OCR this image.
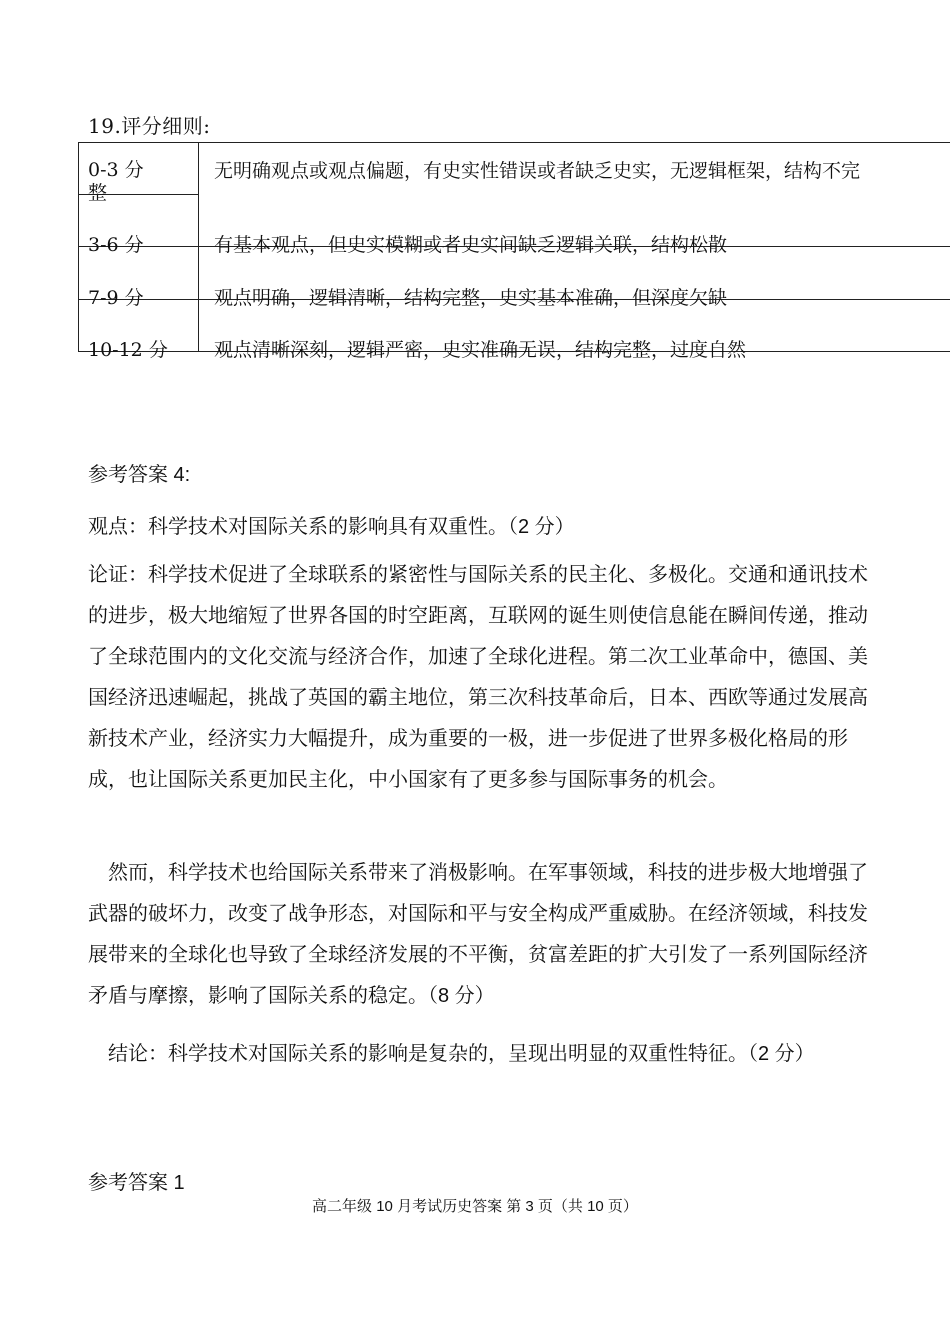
19.评分细则:
0-3 分
整
无明确观点或观点偏题，有史实性错误或者缺乏史实，无逻辑框架，结构不完
3-6 分	有基本观点，但史实模糊或者史实间缺乏逻辑关联，结构松散
7-9 分	观点明确，逻辑清晰，结构完整，史实基本准确，但深度欠缺
10-12 分 观点清晰深刻，逻辑严密，史实准确无误，结构完整，过度自然
参考答案 4:
观点：科学技术对国际关系的影响具有双重性。（2 分）
论证：科学技术促进了全球联系的紧密性与国际关系的民主化、多极化。交通和通讯技术的进步，极大地缩短了世界各国的时空距离，互联网的诞生则使信息能在瞬间传递，推动了全球范围内的文化交流与经济合作，加速了全球化进程。第二次工业革命中，德国、美国经济迅速崛起，挑战了英国的霸主地位，第三次科技革命后，日本、西欧等通过发展高新技术产业，经济实力大幅提升，成为重要的一极，进一步促进了世界多极化格局的形成，也让国际关系更加民主化，中小国家有了更多参与国际事务的机会。
然而，科学技术也给国际关系带来了消极影响。在军事领域，科技的进步极大地增强了武器的破坏力，改变了战争形态，对国际和平与安全构成严重威胁。在经济领域，科技发展带来的全球化也导致了全球经济发展的不平衡，贫富差距的扩大引发了一系列国际经济矛盾与摩擦，影响了国际关系的稳定。（8 分）
结论：科学技术对国际关系的影响是复杂的，呈现出明显的双重性特征。（2 分）
参考答案 1
高二年级 10 月考试历史答案 第 3 页（共 10 页）
